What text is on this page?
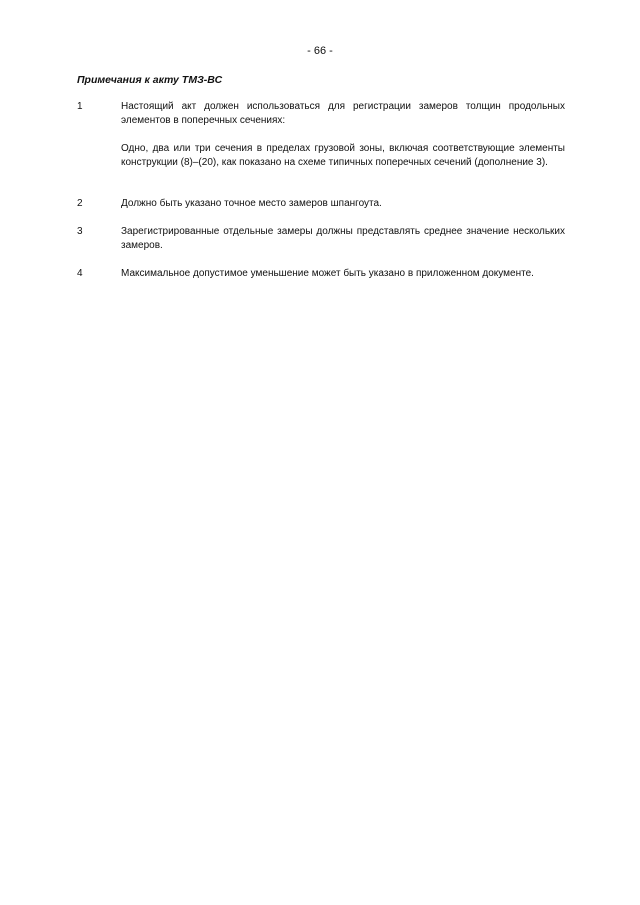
- 66 -
Примечания к акту ТМЗ-ВС
1	Настоящий акт должен использоваться для регистрации замеров толщин продольных элементов в поперечных сечениях:

Одно, два или три сечения в пределах грузовой зоны, включая соответствующие элементы конструкции (8)–(20), как показано на схеме типичных поперечных сечений (дополнение 3).

2	Должно быть указано точное место замеров шпангоута.

3	Зарегистрированные отдельные замеры должны представлять среднее значение нескольких замеров.

4	Максимальное допустимое уменьшение может быть указано в приложенном документе.
